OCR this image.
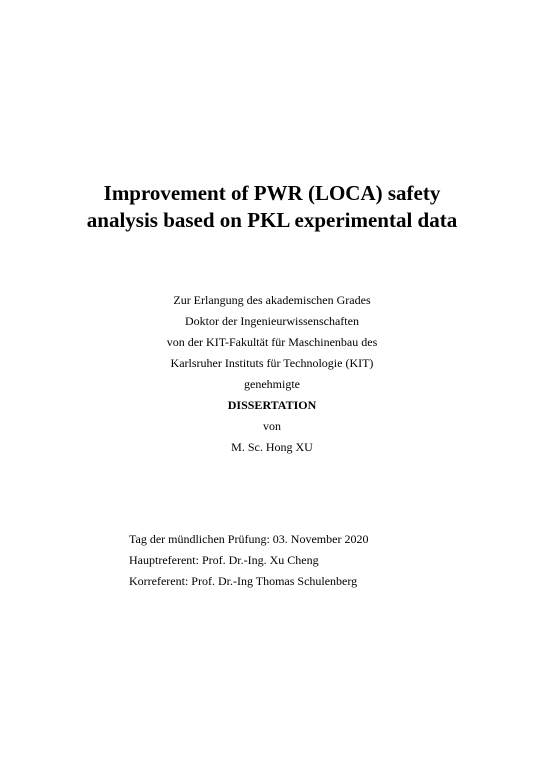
Improvement of PWR (LOCA) safety
analysis based on PKL experimental data
Zur Erlangung des akademischen Grades
Doktor der Ingenieurwissenschaften
von der KIT-Fakultät für Maschinenbau des
Karlsruher Instituts für Technologie (KIT)
genehmigte
DISSERTATION
von
M. Sc. Hong XU
Tag der mündlichen Prüfung: 03. November 2020
Hauptreferent: Prof. Dr.-Ing. Xu Cheng
Korreferent: Prof. Dr.-Ing Thomas Schulenberg
